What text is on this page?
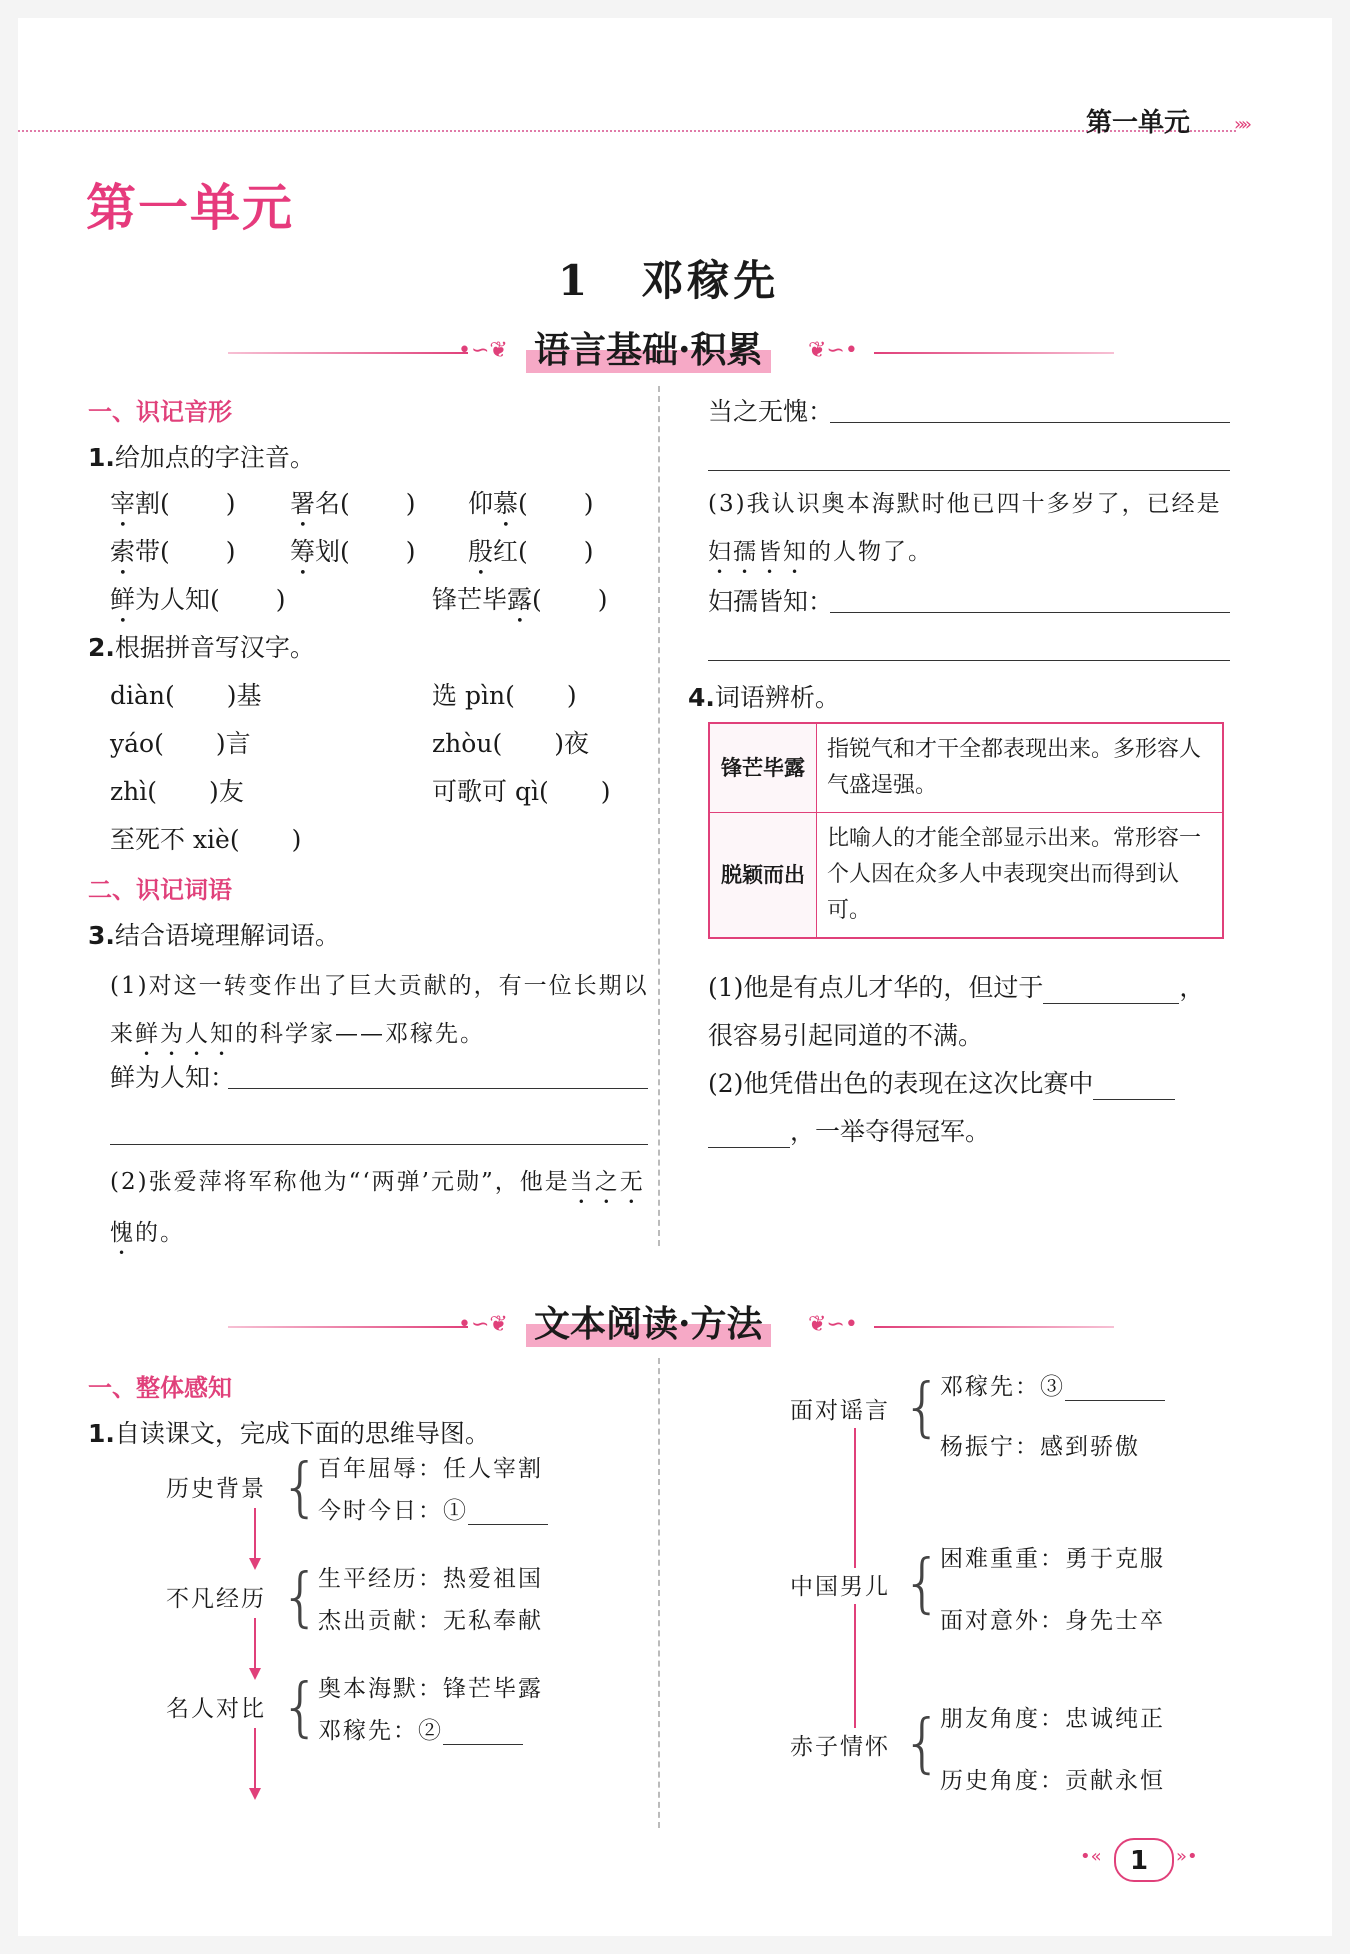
»»
第一单元
第一单元
1 邓稼先
•∽❦ 语言基础·积累	❦∽•
一、识记音形
1.给加点的字注音。
宰割( ) 署名( ) 仰慕( )
索带( ) 筹划( ) 殷红( )
鲜为人知( )	锋芒毕露( )
2.根据拼音写汉字。
diàn( )基	选 pìn( )
yáo( )言	zhòu( )夜
zhì( )友	可歌可 qì( )
至死不 xiè( )
二、识记词语
3.结合语境理解词语。
(1)对这一转变作出了巨大贡献的，有一位长期以来鲜为人知的科学家——邓稼先。
鲜为人知：
(2)张爱萍将军称他为“‘两弹’元勋”，他是当之无愧的。
当之无愧：
(3)我认识奥本海默时他已四十多岁了，已经是妇孺皆知的人物了。
妇孺皆知：
4.词语辨析。
锋芒毕露	指锐气和才干全都表现出来。多形容人气盛逞强。
脱颖而出	比喻人的才能全部显示出来。常形容一个人因在众多人中表现突出而得到认可。
(1)他是有点儿才华的，但过于	，
很容易引起同道的不满。
(2)他凭借出色的表现在这次比赛中
，一举夺得冠军。
•∽❦ 文本阅读·方法	❦∽•
一、整体感知
1.自读课文，完成下面的思维导图。
历史背景 {
百年屈辱：任人宰割
今时今日：①
不凡经历 {
生平经历：热爱祖国
杰出贡献：无私奉献
名人对比 {
奥本海默：锋芒毕露
邓稼先：②
面对谣言 {
邓稼先：③
杨振宁：感到骄傲
中国男儿 {
困难重重：勇于克服
面对意外：身先士卒
赤子情怀 {
朋友角度：忠诚纯正
历史角度：贡献永恒
•« 1 »•
